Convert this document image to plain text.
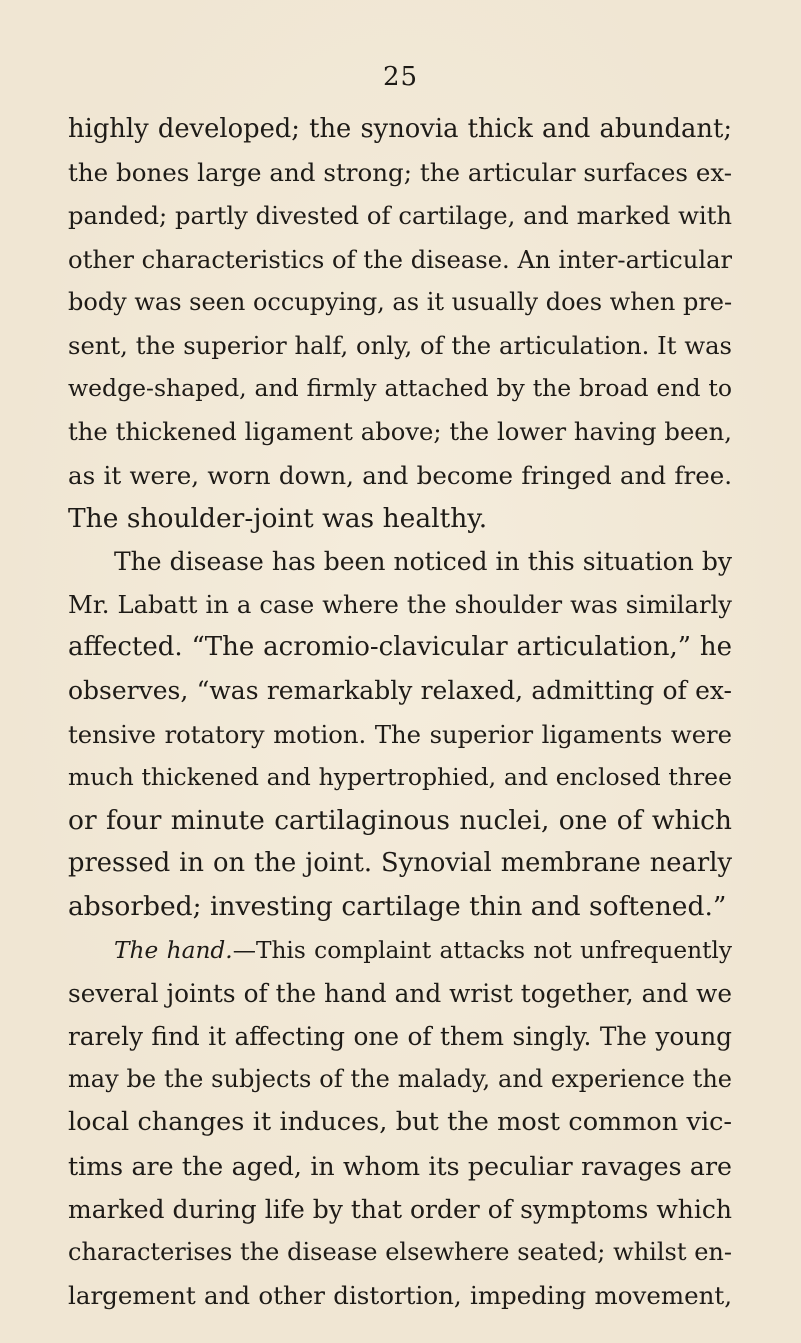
25
highly developed; the synovia thick and abundant;
the bones large and strong; the articular surfaces ex-
panded; partly divested of cartilage, and marked with
other characteristics of the disease. An inter-articular
body was seen occupying, as it usually does when pre-
sent, the superior half, only, of the articulation. It was
wedge-shaped, and firmly attached by the broad end to
the thickened ligament above; the lower having been,
as it were, worn down, and become fringed and free.
The shoulder-joint was healthy.
The disease has been noticed in this situation by
Mr. Labatt in a case where the shoulder was similarly
affected. “The acromio-clavicular articulation,” he
observes, “was remarkably relaxed, admitting of ex-
tensive rotatory motion. The superior ligaments were
much thickened and hypertrophied, and enclosed three
or four minute cartilaginous nuclei, one of which
pressed in on the joint. Synovial membrane nearly
absorbed; investing cartilage thin and softened.”
The hand.—This complaint attacks not unfrequently
several joints of the hand and wrist together, and we
rarely find it affecting one of them singly. The young
may be the subjects of the malady, and experience the
local changes it induces, but the most common vic-
tims are the aged, in whom its peculiar ravages are
marked during life by that order of symptoms which
characterises the disease elsewhere seated; whilst en-
largement and other distortion, impeding movement,
